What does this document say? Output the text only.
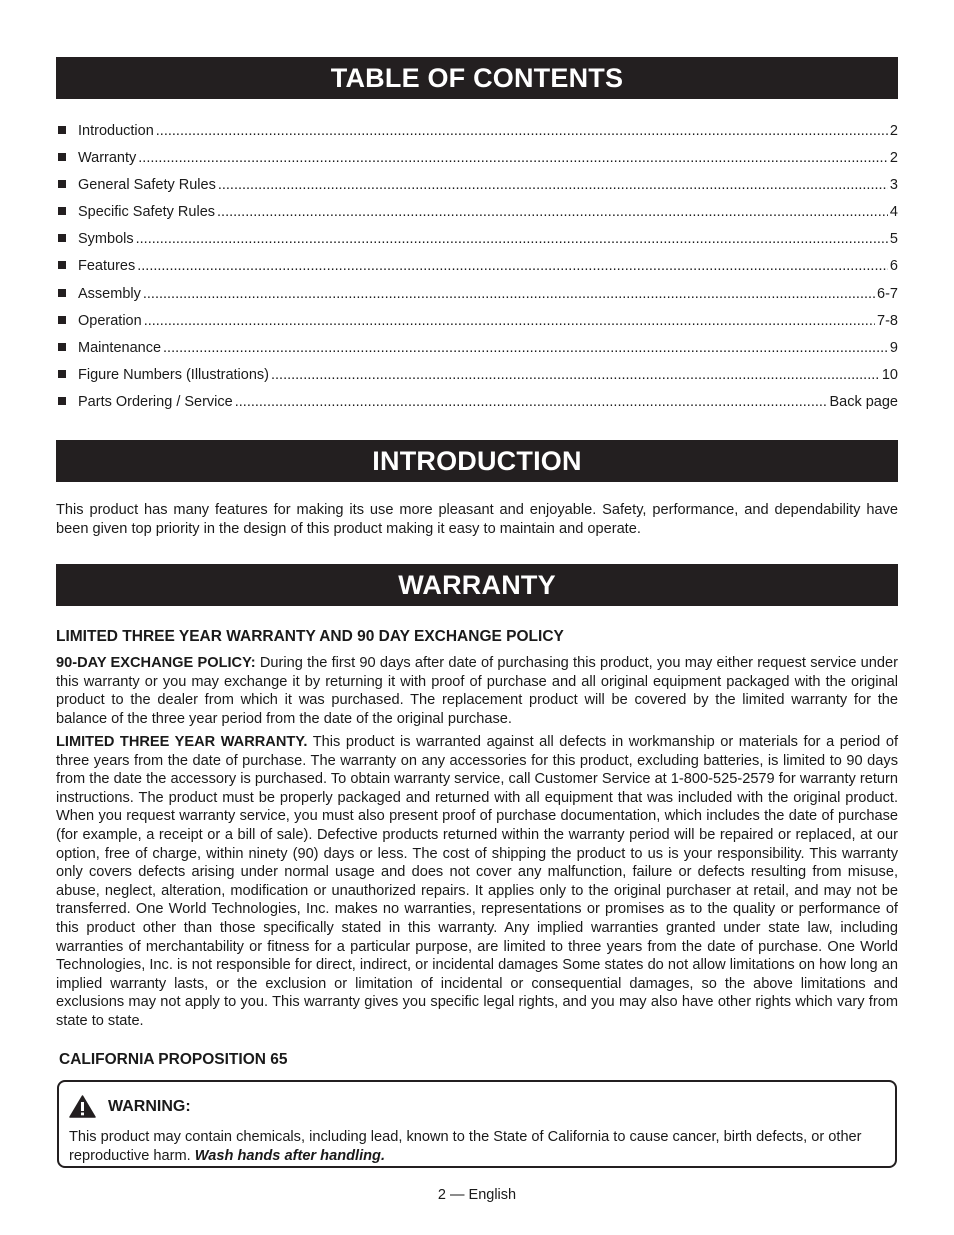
TABLE OF CONTENTS
Introduction .....	2
Warranty .....	2
General Safety Rules .....	3
Specific Safety Rules .....	4
Symbols .....	5
Features .....	6
Assembly .....	6-7
Operation .....	7-8
Maintenance .....	9
Figure Numbers (Illustrations) .....	10
Parts Ordering / Service .....	Back page
INTRODUCTION

This product has many features for making its use more pleasant and enjoyable. Safety, performance, and dependability have been given top priority in the design of this product making it easy to maintain and operate.

WARRANTY

LIMITED THREE YEAR WARRANTY AND 90 DAY EXCHANGE POLICY

90-DAY EXCHANGE POLICY: During the first 90 days after date of purchasing this product, you may either request service under this warranty or you may exchange it by returning it with proof of purchase and all original equipment packaged with the original product to the dealer from which it was purchased. The replacement product will be covered by the limited warranty for the balance of the three year period from the date of the original purchase.

LIMITED THREE YEAR WARRANTY. This product is warranted against all defects in workmanship or materials for a period of three years from the date of purchase. The warranty on any accessories for this product, excluding batteries, is limited to 90 days from the date the accessory is purchased. To obtain warranty service, call Customer Service at 1-800-525-2579 for warranty return instructions. The product must be properly packaged and returned with all equipment that was included with the original product. When you request warranty service, you must also present proof of purchase documentation, which includes the date of purchase (for example, a receipt or a bill of sale). Defective products returned within the warranty period will be repaired or replaced, at our option, free of charge, within ninety (90) days or less. The cost of shipping the product to us is your responsibility. This warranty only covers defects arising under normal usage and does not cover any malfunction, failure or defects resulting from misuse, abuse, neglect, alteration, modification or unauthorized repairs. It applies only to the original purchaser at retail, and may not be transferred. One World Technologies, Inc. makes no warranties, representations or promises as to the quality or performance of this product other than those specifically stated in this warranty. Any implied warranties granted under state law, including warranties of merchantability or fitness for a particular purpose, are limited to three years from the date of purchase. One World Technologies, Inc. is not responsible for direct, indirect, or incidental damages Some states do not allow limitations on how long an implied warranty lasts, or the exclusion or limitation of incidental or consequential damages, so the above limitations and exclusions may not apply to you. This warranty gives you specific legal rights, and you may also have other rights which vary from state to state.

CALIFORNIA PROPOSITION 65

WARNING:

This product may contain chemicals, including lead, known to the State of California to cause cancer, birth defects, or other reproductive harm. Wash hands after handling.

2 — English
